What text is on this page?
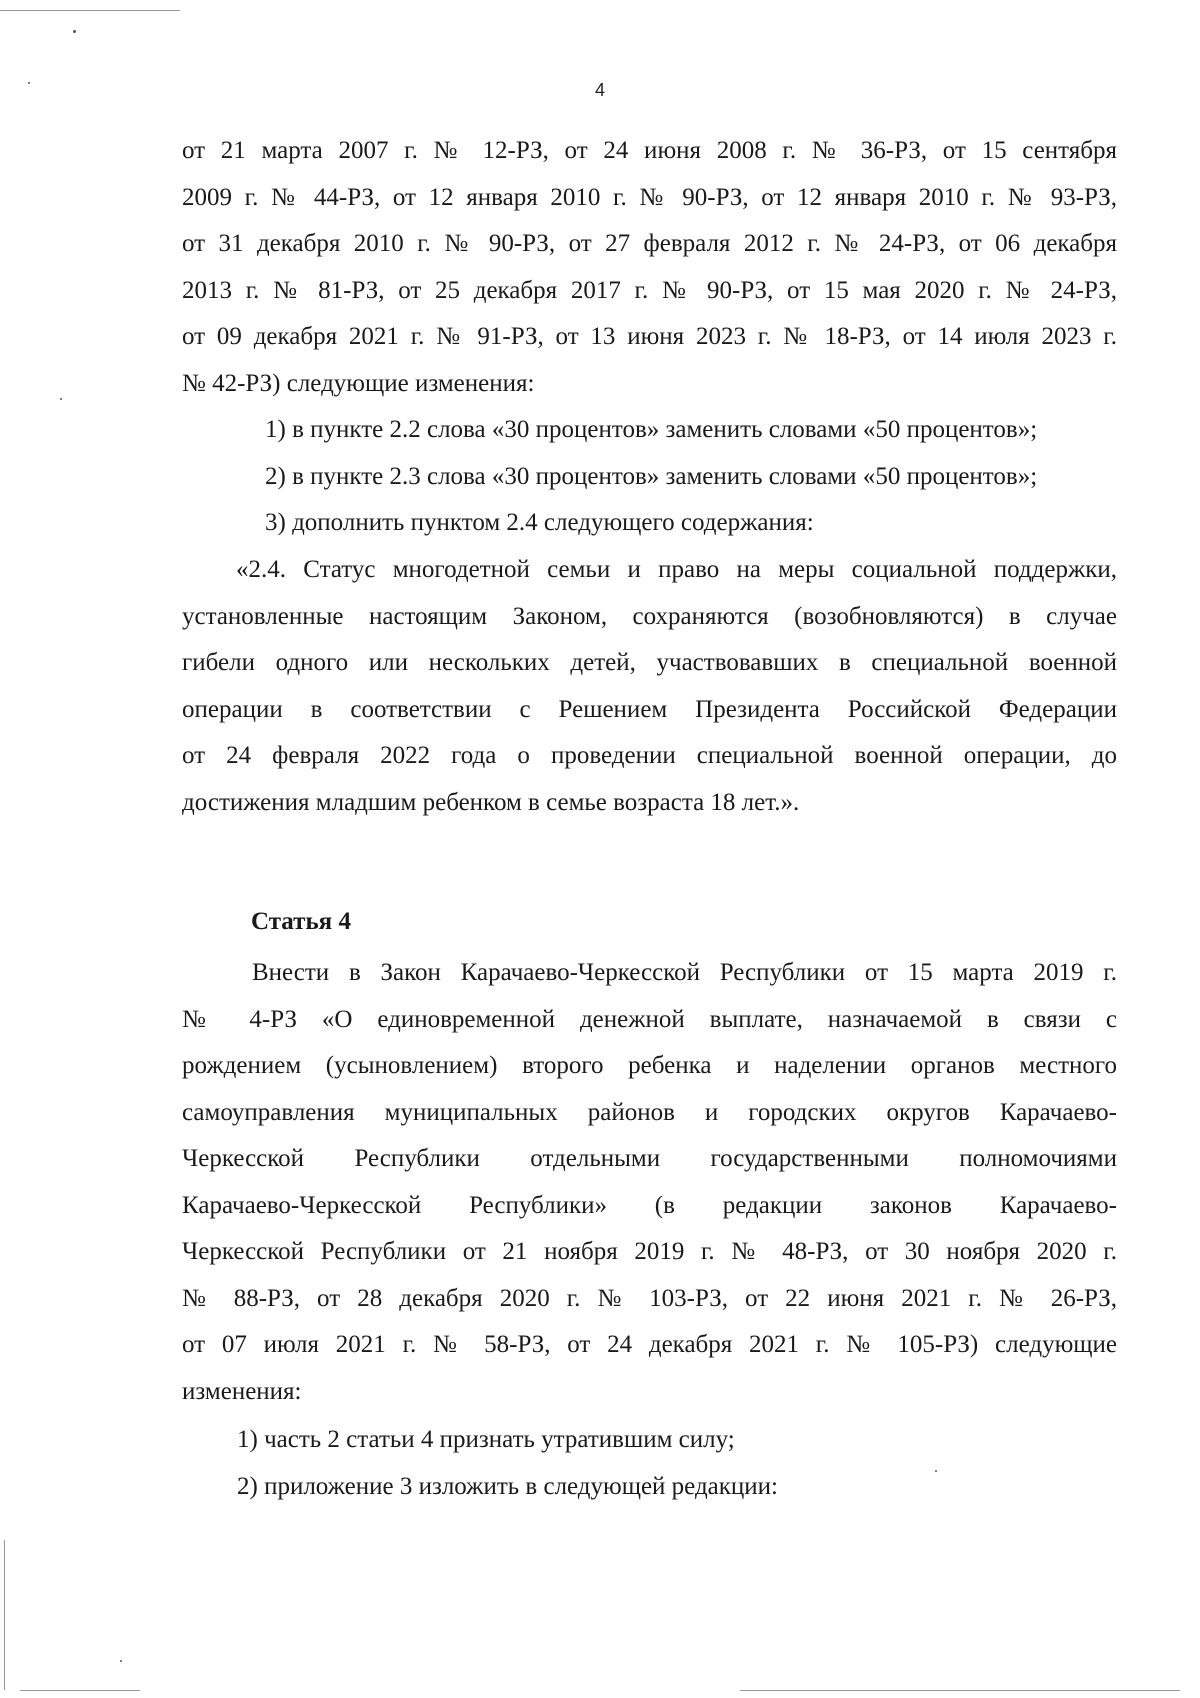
4
от 21 марта 2007 г. № 12-РЗ, от 24 июня 2008 г. № 36-РЗ, от 15 сентября
2009 г. № 44-РЗ, от 12 января 2010 г. № 90-РЗ, от 12 января 2010 г. № 93-РЗ,
от 31 декабря 2010 г. № 90-РЗ, от 27 февраля 2012 г. № 24-РЗ, от 06 декабря
2013 г. № 81-РЗ, от 25 декабря 2017 г. № 90-РЗ, от 15 мая 2020 г. № 24-РЗ,
от 09 декабря 2021 г. № 91-РЗ, от 13 июня 2023 г. № 18-РЗ, от 14 июля 2023 г.
№ 42-РЗ) следующие изменения:
1) в пункте 2.2 слова «30 процентов» заменить словами «50 процентов»;
2) в пункте 2.3 слова «30 процентов» заменить словами «50 процентов»;
3) дополнить пунктом 2.4 следующего содержания:
«2.4. Статус многодетной семьи и право на меры социальной поддержки,
установленные настоящим Законом, сохраняются (возобновляются) в случае
гибели одного или нескольких детей, участвовавших в специальной военной
операции в соответствии с Решением Президента Российской Федерации
от 24 февраля 2022 года о проведении специальной военной операции, до
достижения младшим ребенком в семье возраста 18 лет.».
Статья 4
Внести в Закон Карачаево-Черкесской Республики от 15 марта 2019 г.
№ 4-РЗ «О единовременной денежной выплате, назначаемой в связи с
рождением (усыновлением) второго ребенка и наделении органов местного
самоуправления муниципальных районов и городских округов Карачаево-
Черкесской Республики отдельными государственными полномочиями
Карачаево-Черкесской Республики» (в редакции законов Карачаево-
Черкесской Республики от 21 ноября 2019 г. № 48-РЗ, от 30 ноября 2020 г.
№ 88-РЗ, от 28 декабря 2020 г. № 103-РЗ, от 22 июня 2021 г. № 26-РЗ,
от 07 июля 2021 г. № 58-РЗ, от 24 декабря 2021 г. № 105-РЗ) следующие
изменения:
1) часть 2 статьи 4 признать утратившим силу;
2) приложение 3 изложить в следующей редакции:
